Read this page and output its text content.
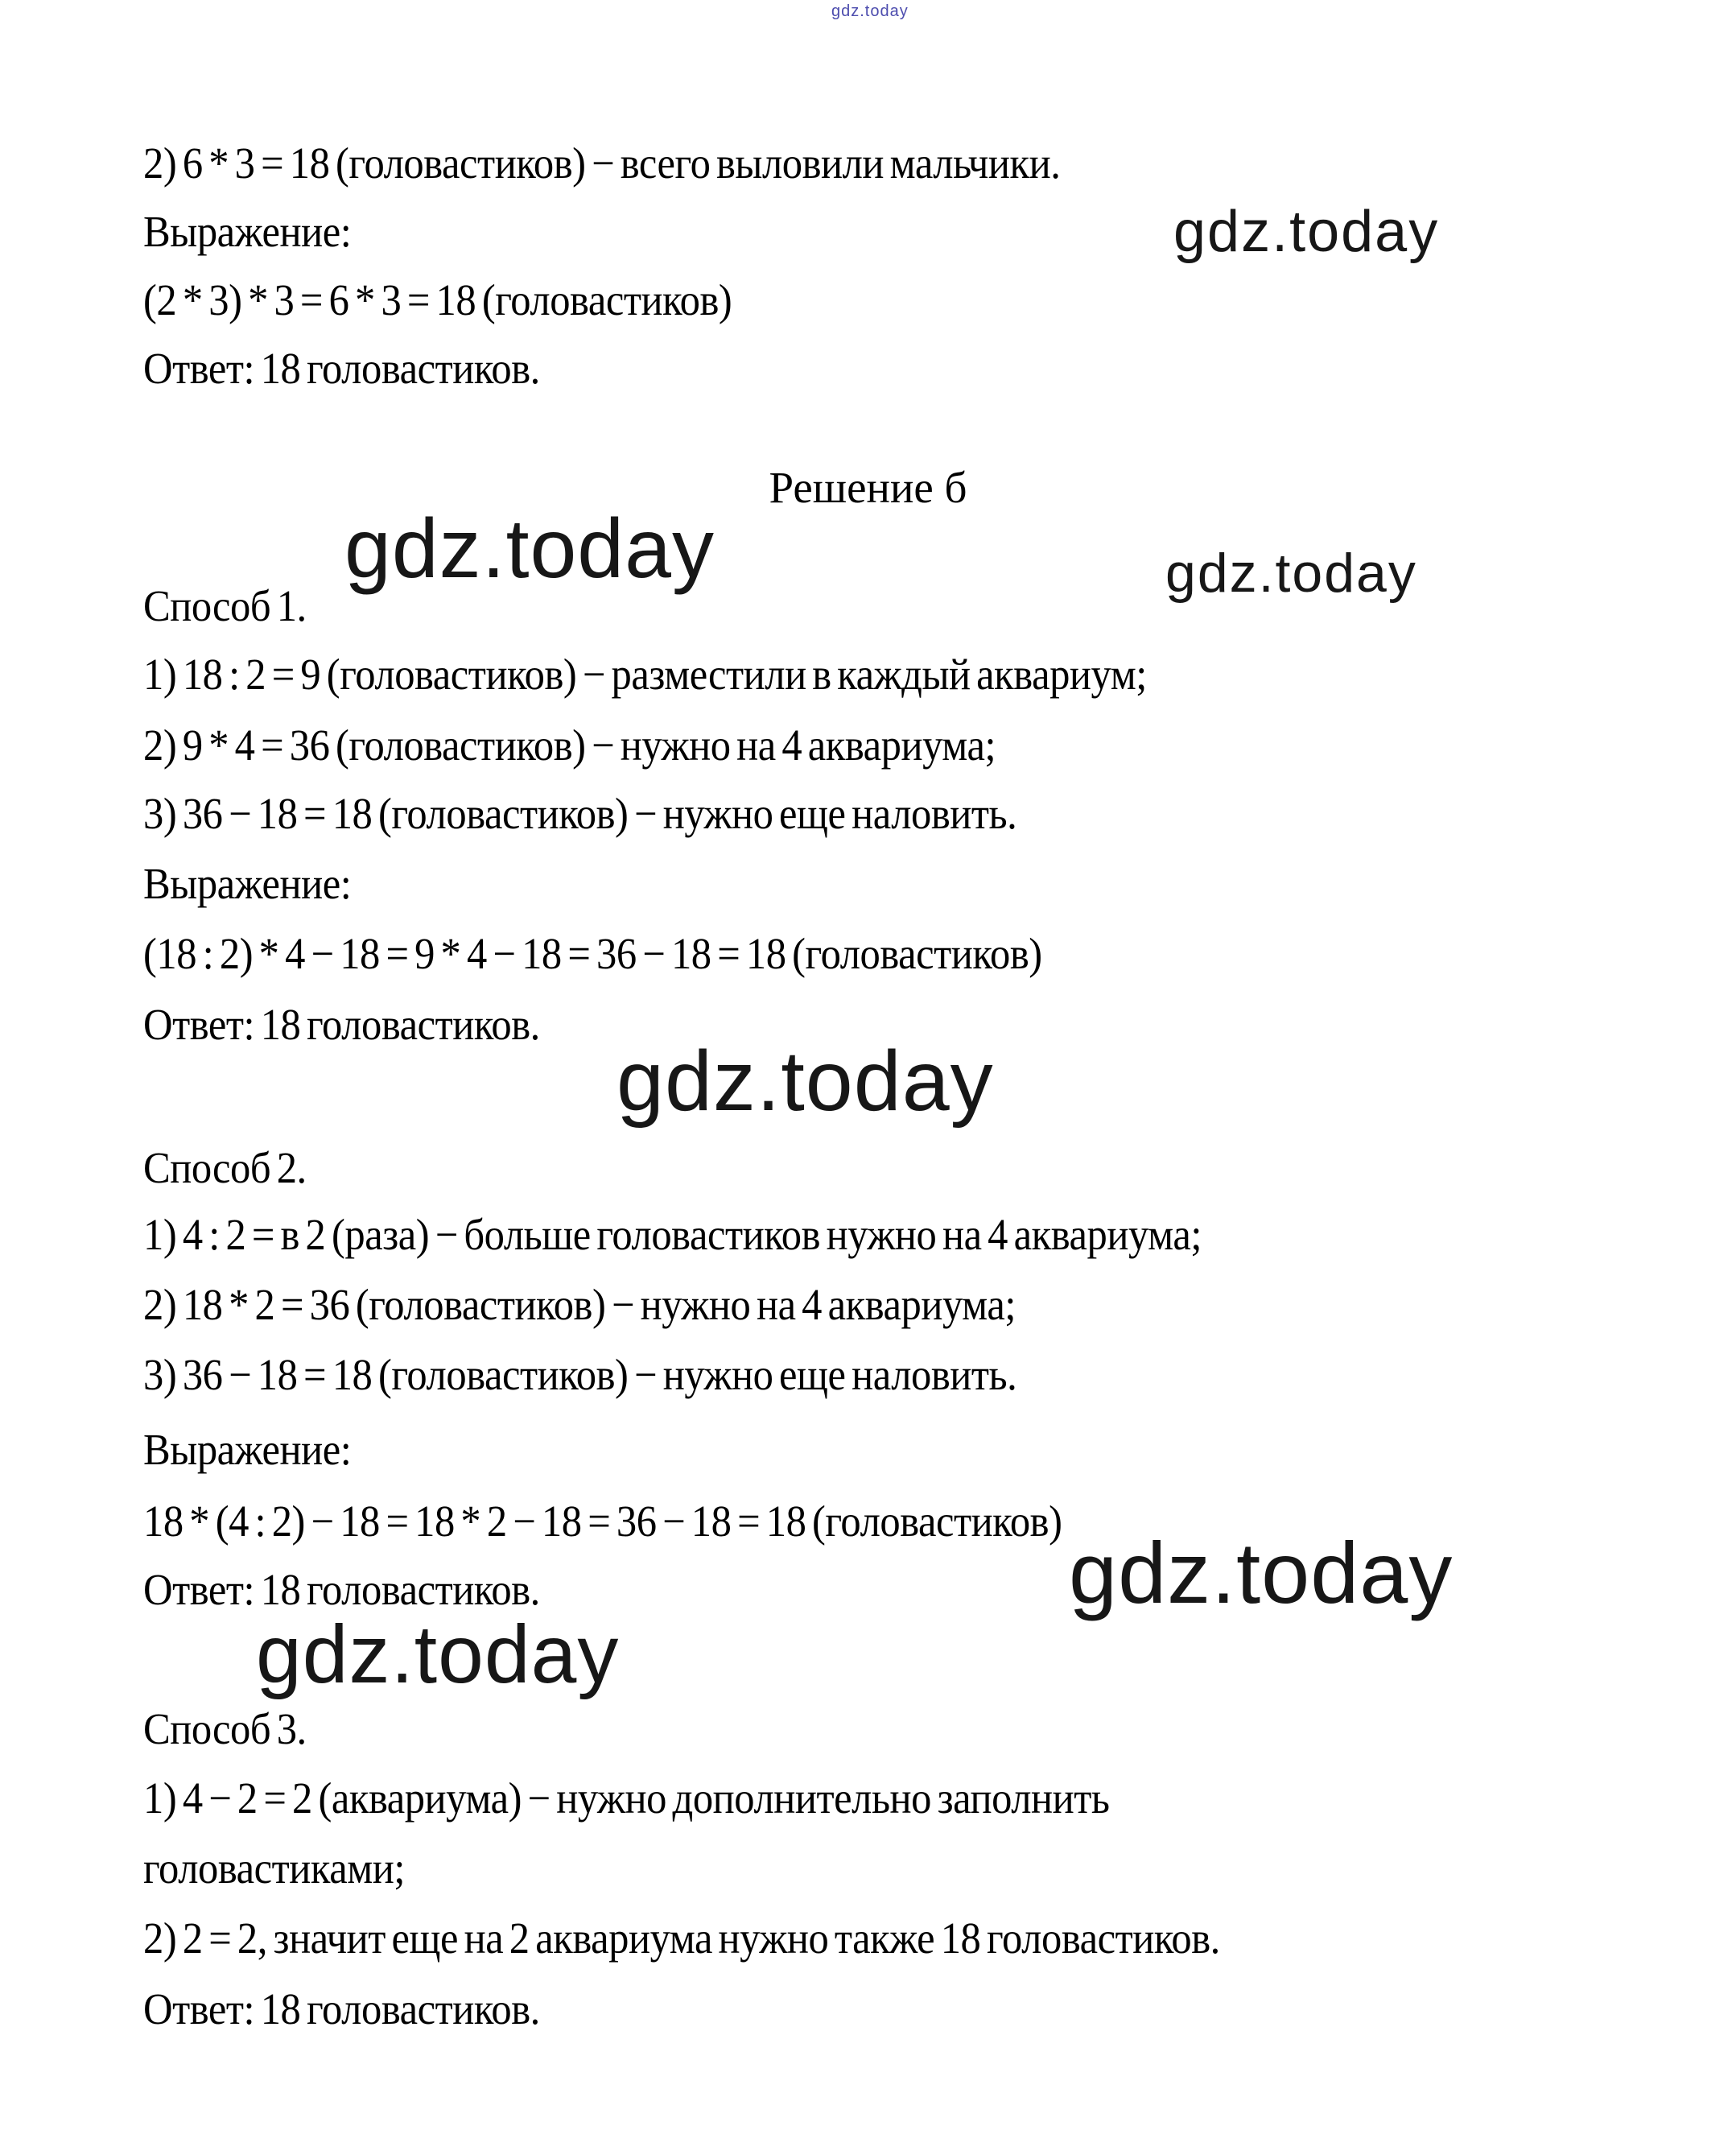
gdz.today
gdz.today
gdz.today	gdz.today
gdz.today
gdz.today
gdz.today
2) 6 * 3 = 18 (головастиков) − всего выловили мальчики.
Выражение:
(2 * 3) * 3 = 6 * 3 = 18 (головастиков)
Ответ: 18 головастиков.
Решение б
Способ 1.
1) 18 : 2 = 9 (головастиков) − разместили в каждый аквариум;
2) 9 * 4 = 36 (головастиков) − нужно на 4 аквариума;
3) 36 − 18 = 18 (головастиков) − нужно еще наловить.
Выражение:
(18 : 2) * 4 − 18 = 9 * 4 − 18 = 36 − 18 = 18 (головастиков)
Ответ: 18 головастиков.
Способ 2.
1) 4 : 2 = в 2 (раза) − больше головастиков нужно на 4 аквариума;
2) 18 * 2 = 36 (головастиков) − нужно на 4 аквариума;
3) 36 − 18 = 18 (головастиков) − нужно еще наловить.
Выражение:
18 * (4 : 2) − 18 = 18 * 2 − 18 = 36 − 18 = 18 (головастиков)
Ответ: 18 головастиков.
Способ 3.
1) 4 − 2 = 2 (аквариума) − нужно дополнительно заполнить
головастиками;
2) 2 = 2, значит еще на 2 аквариума нужно также 18 головастиков.
Ответ: 18 головастиков.
